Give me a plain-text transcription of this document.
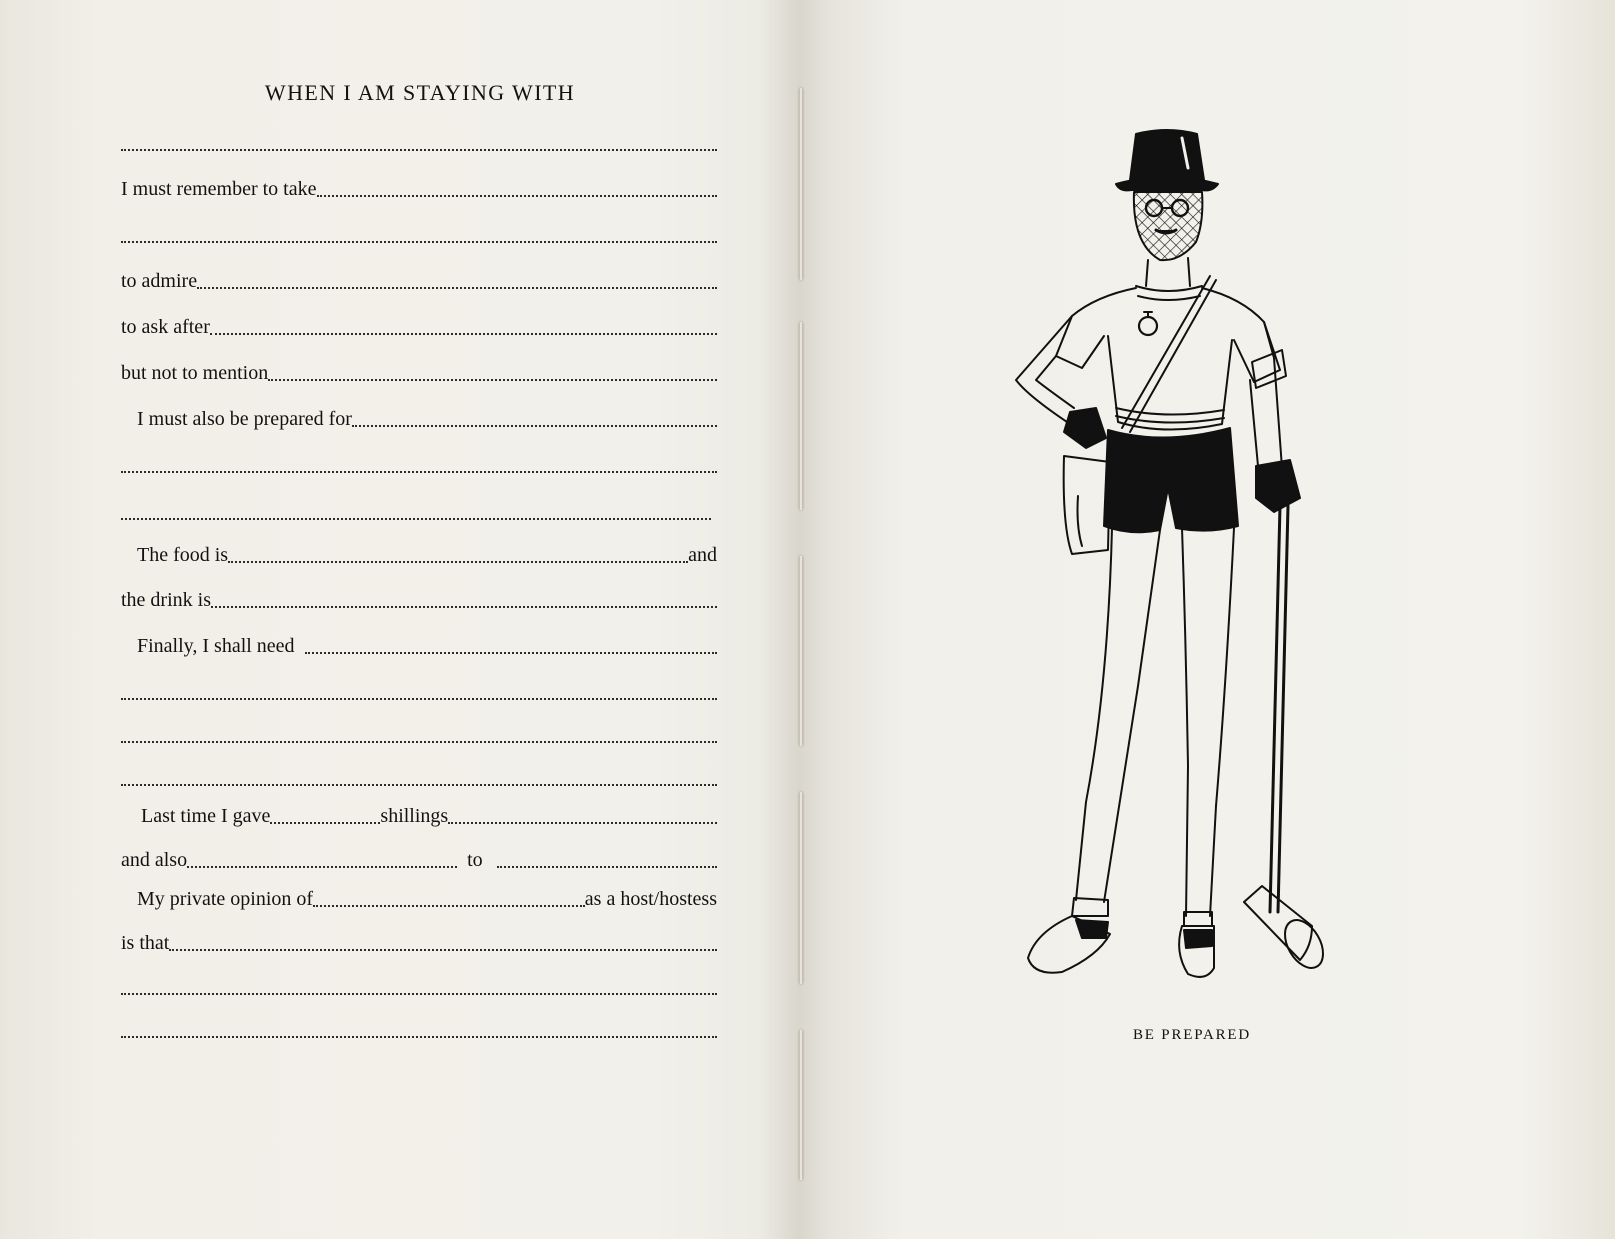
WHEN I AM STAYING WITH
I must remember to take
to admire
to ask after
but not to mention
I must also be prepared for
The food is	and
the drink is
Finally, I shall need
Last time I gave	shillings
and also	to
My private opinion of	as a host/hostess
is that
BE PREPARED
